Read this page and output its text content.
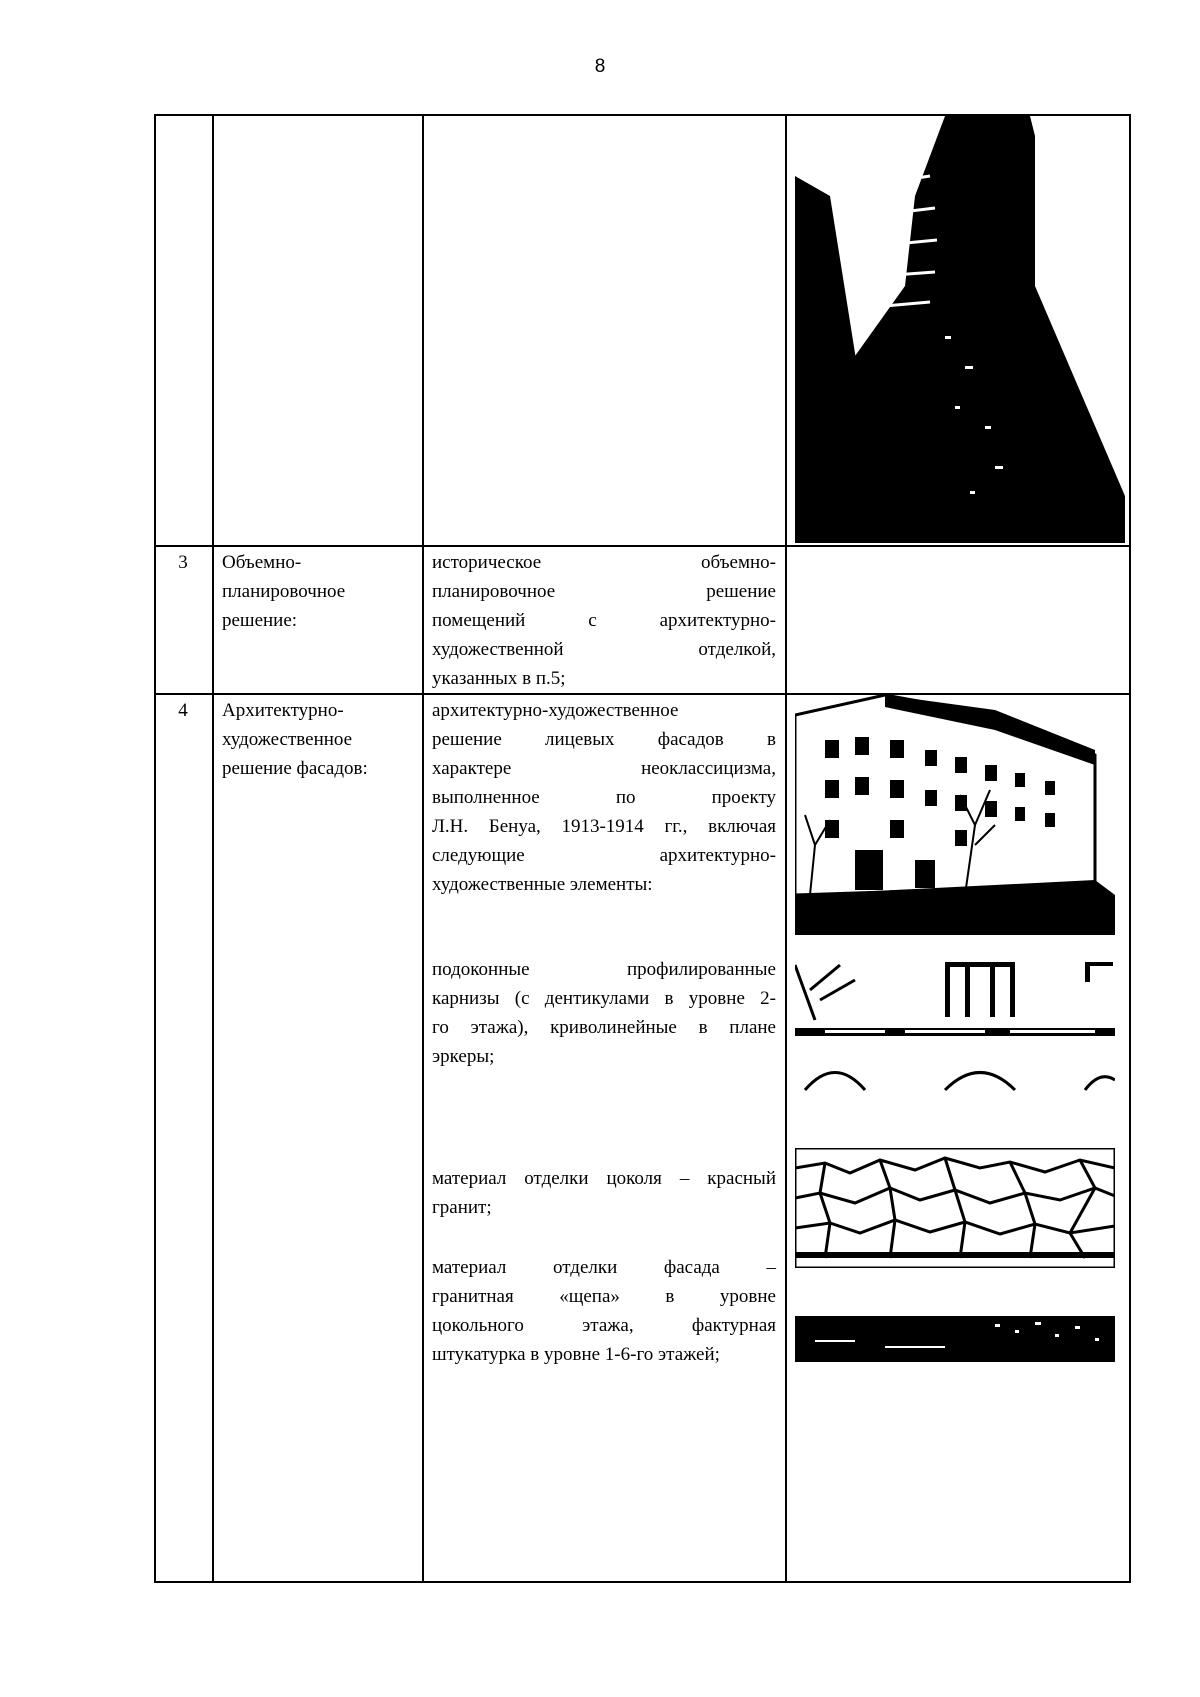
8
3	Объемно-
планировочное
решение:
историческое объемно-
планировочное решение
помещений с архитектурно-
художественной отделкой,
указанных в п.5;
4	Архитектурно-
художественное
решение фасадов:
архитектурно-художественное
решение лицевых фасадов в
характере неоклассицизма,
выполненное по проекту
Л.Н. Бенуа, 1913-1914 гг., включая
следующие архитектурно-
художественные элементы:
подоконные профилированные
карнизы (с дентикулами в уровне 2-
го этажа), криволинейные в плане
эркеры;
материал отделки цоколя – красный
гранит;
материал отделки фасада –
гранитная «щепа» в уровне
цокольного этажа, фактурная
штукатурка в уровне 1-6-го этажей;
